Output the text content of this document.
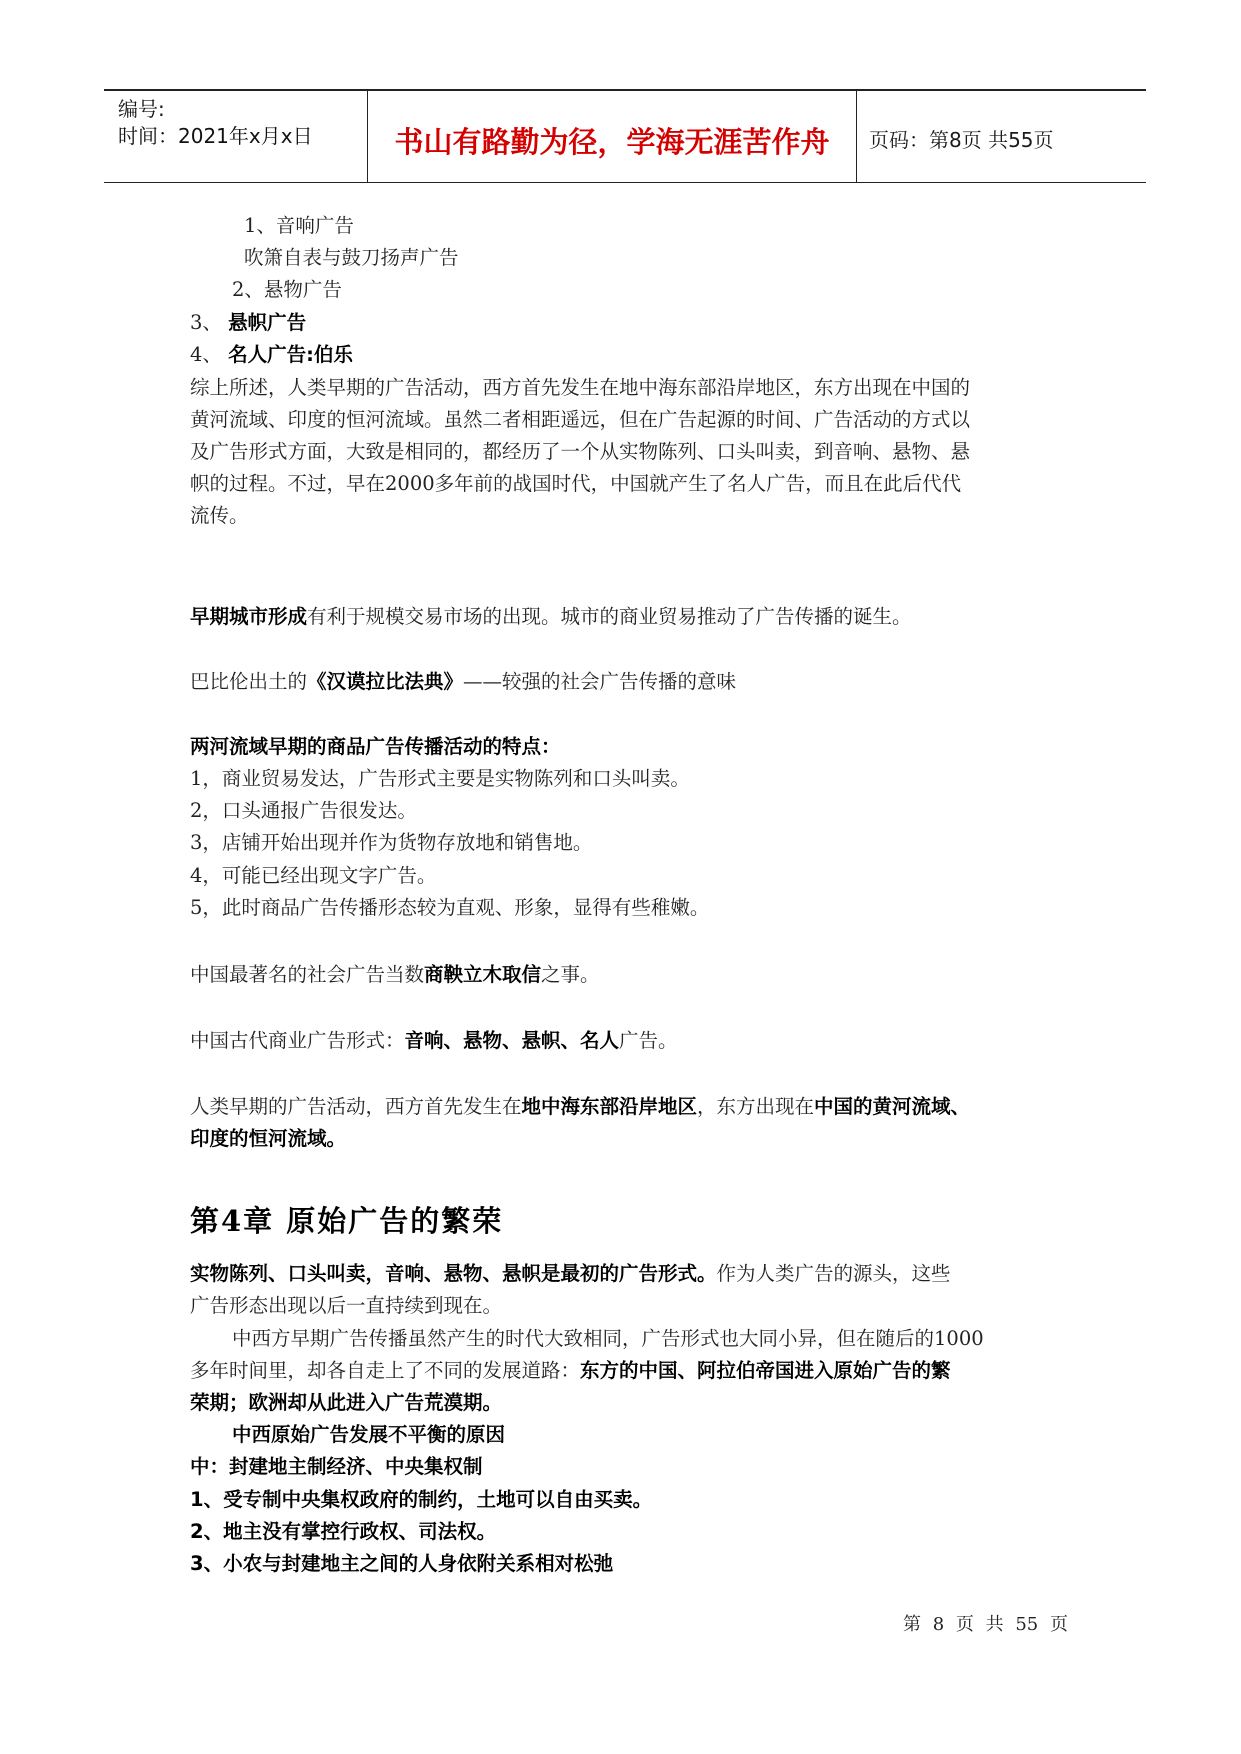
编号:
时间：2021年x月x日	书山有路勤为径，学海无涯苦作舟	页码：第8页 共55页
1、音响广告
吹箫自表与鼓刀扬声广告
2、悬物广告
3、 悬帜广告
4、 名人广告:伯乐
综上所述，人类早期的广告活动，西方首先发生在地中海东部沿岸地区，东方出现在中国的
黄河流域、印度的恒河流域。虽然二者相距遥远，但在广告起源的时间、广告活动的方式以
及广告形式方面，大致是相同的，都经历了一个从实物陈列、口头叫卖，到音响、悬物、悬
帜的过程。不过，早在2000多年前的战国时代，中国就产生了名人广告，而且在此后代代
流传。
早期城市形成有利于规模交易市场的出现。城市的商业贸易推动了广告传播的诞生。
巴比伦出土的《汉谟拉比法典》——较强的社会广告传播的意味
两河流域早期的商品广告传播活动的特点：
1，商业贸易发达，广告形式主要是实物陈列和口头叫卖。
2，口头通报广告很发达。
3，店铺开始出现并作为货物存放地和销售地。
4，可能已经出现文字广告。
5，此时商品广告传播形态较为直观、形象，显得有些稚嫩。
中国最著名的社会广告当数商鞅立木取信之事。
中国古代商业广告形式：音响、悬物、悬帜、名人广告。
人类早期的广告活动，西方首先发生在地中海东部沿岸地区，东方出现在中国的黄河流域、
印度的恒河流域。
第4章 原始广告的繁荣
实物陈列、口头叫卖，音响、悬物、悬帜是最初的广告形式。作为人类广告的源头，这些
广告形态出现以后一直持续到现在。
中西方早期广告传播虽然产生的时代大致相同，广告形式也大同小异，但在随后的1000
多年时间里，却各自走上了不同的发展道路：东方的中国、阿拉伯帝国进入原始广告的繁
荣期；欧洲却从此进入广告荒漠期。
中西原始广告发展不平衡的原因
中：封建地主制经济、中央集权制
1、受专制中央集权政府的制约，土地可以自由买卖。
2、地主没有掌控行政权、司法权。
3、小农与封建地主之间的人身依附关系相对松弛
第 8 页 共 55 页
